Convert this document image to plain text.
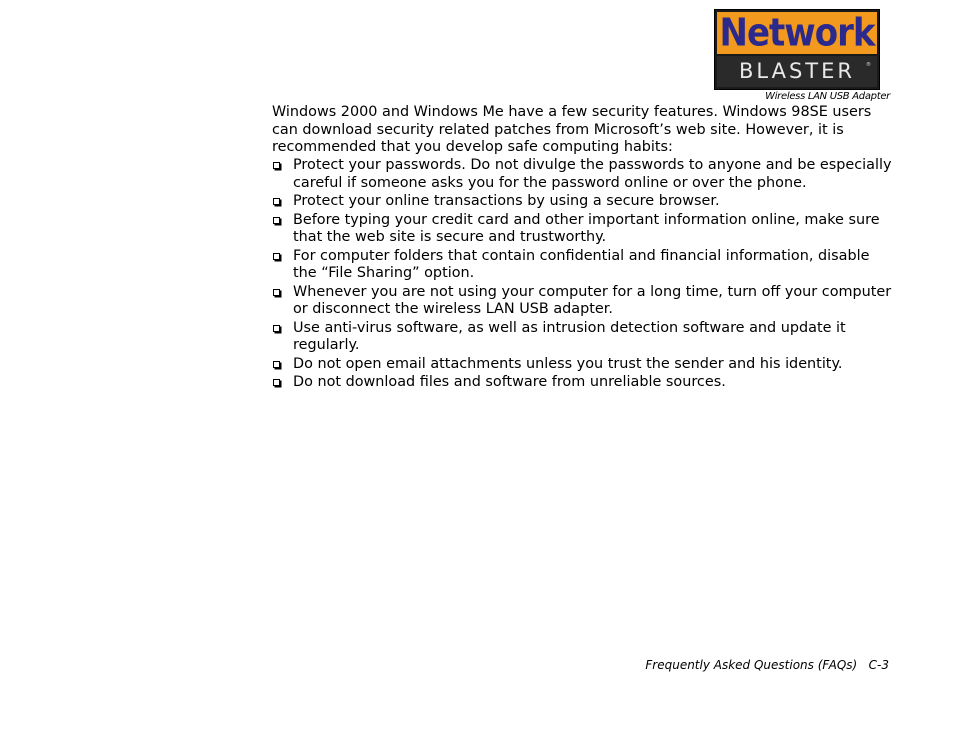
Network
BLASTER ®
Wireless LAN USB Adapter

Windows 2000 and Windows Me have a few security features. Windows 98SE users can download security related patches from Microsoft’s web site. However, it is recommended that you develop safe computing habits:

Protect your passwords. Do not divulge the passwords to anyone and be especially careful if someone asks you for the password online or over the phone.
Protect your online transactions by using a secure browser.
Before typing your credit card and other important information online, make sure that the web site is secure and trustworthy.
For computer folders that contain confidential and financial information, disable the “File Sharing” option.
Whenever you are not using your computer for a long time, turn off your computer or disconnect the wireless LAN USB adapter.
Use anti-virus software, as well as intrusion detection software and update it regularly.
Do not open email attachments unless you trust the sender and his identity.
Do not download files and software from unreliable sources.
Frequently Asked Questions (FAQs) C-3
